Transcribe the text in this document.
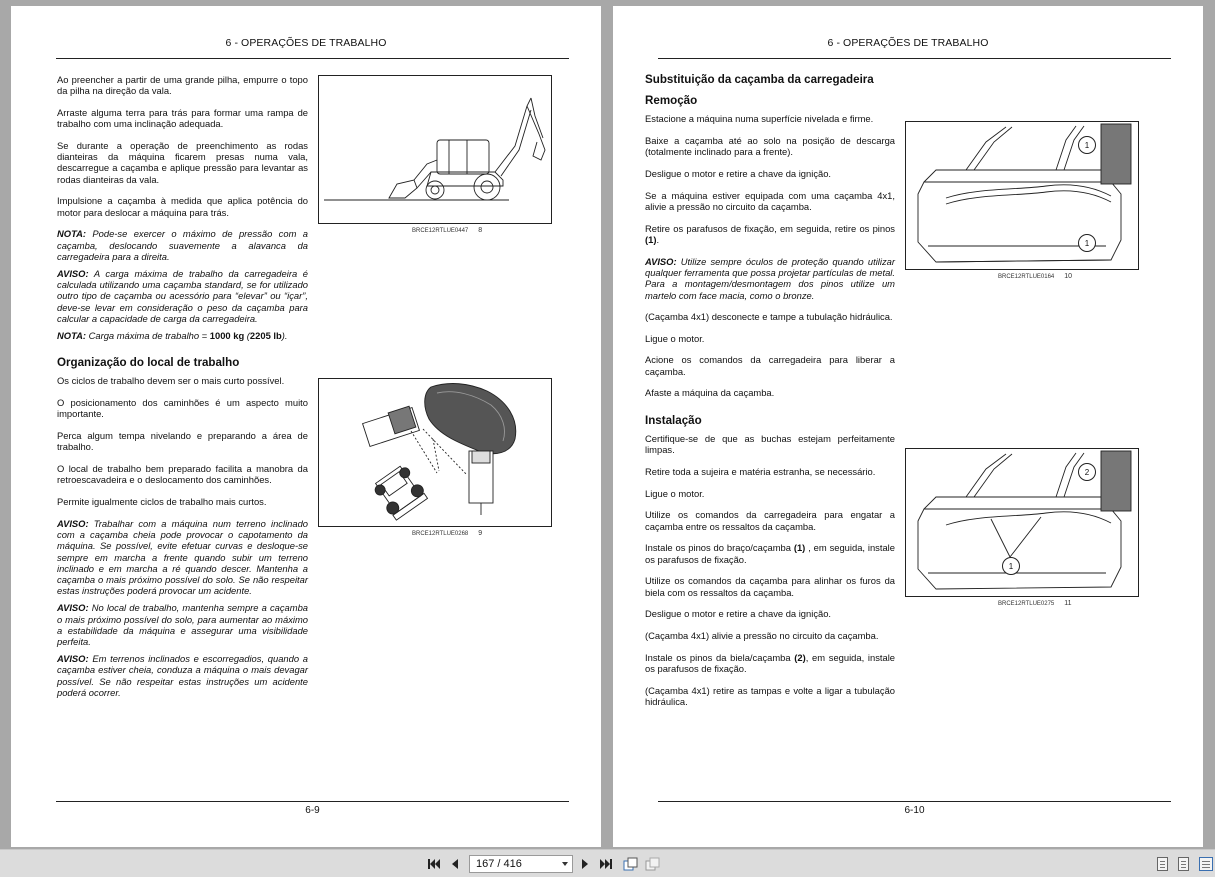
6 - OPERAÇÕES DE TRABALHO

Ao preencher a partir de uma grande pilha, empurre o topo da pilha na direção da vala.

Arraste alguma terra para trás para formar uma rampa de trabalho com uma inclinação adequada.

Se durante a operação de preenchimento as rodas dianteiras da máquina ficarem presas numa vala, descarregue a caçamba e aplique pressão para levantar as rodas dianteiras da vala.

Impulsione a caçamba à medida que aplica potência do motor para deslocar a máquina para trás.

NOTA: Pode-se exercer o máximo de pressão com a caçamba, deslocando suavemente a alavanca da carregadeira para a direita.

AVISO: A carga máxima de trabalho da carregadeira é calculada utilizando uma caçamba standard, se for utilizado outro tipo de caçamba ou acessório para “elevar” ou “içar”, deve-se levar em consideração o peso da caçamba para calcular a capacidade de carga da carregadeira.

NOTA: Carga máxima de trabalho = 1000 kg (2205 lb).

Organização do local de trabalho

Os ciclos de trabalho devem ser o mais curto possível.

O posicionamento dos caminhões é um aspecto muito importante.

Perca algum tempa nivelando e preparando a área de trabalho.

O local de trabalho bem preparado facilita a manobra da retroescavadeira e o deslocamento dos caminhões.

Permite igualmente ciclos de trabalho mais curtos.

AVISO: Trabalhar com a máquina num terreno inclinado com a caçamba cheia pode provocar o capotamento da máquina. Se possível, evite efetuar curvas e desloque-se sempre em marcha a frente quando subir um terreno inclinado e em marcha a ré quando descer. Mantenha a caçamba o mais próximo possível do solo. Se não respeitar estas instruções poderá provocar um acidente.

AVISO: No local de trabalho, mantenha sempre a caçamba o mais próximo possível do solo, para aumentar ao máximo a estabilidade da máquina e assegurar uma visibilidade perfeita.

AVISO: Em terrenos inclinados e escorregadios, quando a caçamba estiver cheia, conduza a máquina o mais devagar possível. Se não respeitar estas instruções um acidente poderá ocorrer.

BRCE12RTLUE0447 8
BRCE12RTLUE0268 9
6-9
6 - OPERAÇÕES DE TRABALHO
Substituição da caçamba da carregadeira
Remoção

Estacione a máquina numa superfície nivelada e firme.

Baixe a caçamba até ao solo na posição de descarga (totalmente inclinado para a frente).

Desligue o motor e retire a chave da ignição.

Se a máquina estiver equipada com uma caçamba 4x1, alivie a pressão no circuito da caçamba.

Retire os parafusos de fixação, em seguida, retire os pinos (1).

AVISO: Utilize sempre óculos de proteção quando utilizar qualquer ferramenta que possa projetar partículas de metal. Para a montagem/desmontagem dos pinos utilize um martelo com face macia, como o bronze.

(Caçamba 4x1) desconecte e tampe a tubulação hidráulica.

Ligue o motor.

Acione os comandos da carregadeira para liberar a caçamba.

Afaste a máquina da caçamba.

Instalação

Certifique-se de que as buchas estejam perfeitamente limpas.

Retire toda a sujeira e matéria estranha, se necessário.

Ligue o motor.

Utilize os comandos da carregadeira para engatar a caçamba entre os ressaltos da caçamba.

Instale os pinos do braço/caçamba (1) , em seguida, instale os parafusos de fixação.

Utilize os comandos da caçamba para alinhar os furos da biela com os ressaltos da caçamba.

Desligue o motor e retire a chave da ignição.

(Caçamba 4x1) alivie a pressão no circuito da caçamba.

Instale os pinos da biela/caçamba (2), em seguida, instale os parafusos de fixação.

(Caçamba 4x1) retire as tampas e volte a ligar a tubulação hidráulica.

1
1
BRCE12RTLUE0164 10
2
1
BRCE12RTLUE0275 11
6-10
167 / 416
